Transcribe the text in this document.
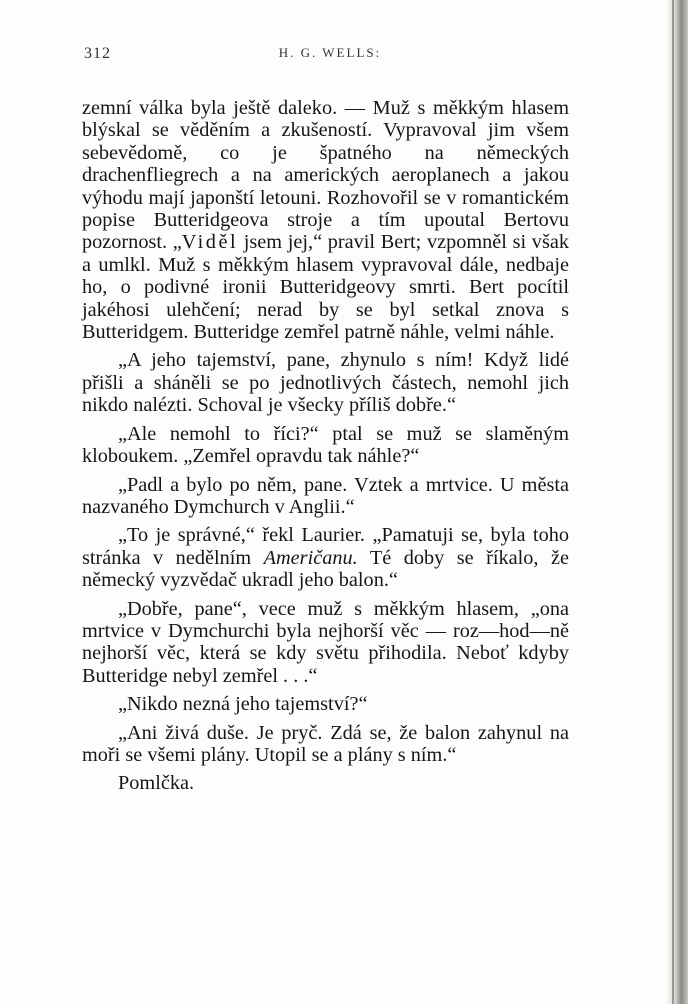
312	H. G. WELLS:

zemní válka byla ještě daleko. — Muž s měkkým hlasem blýskal se věděním a zkušeností. Vypravoval jim všem sebevědomě, co je špatného na německých drachenfliegrech a na amerických aeroplanech a jakou výhodu mají japonští letouni. Rozhovořil se v romantickém popise Butteridgeova stroje a tím upoutal Bertovu pozornost. „Viděl jsem jej,“ pravil Bert; vzpomněl si však a umlkl. Muž s měkkým hlasem vypravoval dále, nedbaje ho, o podivné ironii Butteridgeovy smrti. Bert pocítil jakéhosi ulehčení; nerad by se byl setkal znova s Butteridgem. Butteridge zemřel patrně náhle, velmi náhle.

„A jeho tajemství, pane, zhynulo s ním! Když lidé přišli a sháněli se po jednotlivých částech, nemohl jich nikdo nalézti. Schoval je všecky příliš dobře.“

„Ale nemohl to říci?“ ptal se muž se slaměným kloboukem. „Zemřel opravdu tak náhle?“

„Padl a bylo po něm, pane. Vztek a mrtvice. U města nazvaného Dymchurch v Anglii.“

„To je správné,“ řekl Laurier. „Pamatuji se, byla toho stránka v nedělním Američanu. Té doby se říkalo, že německý vyzvědač ukradl jeho balon.“

„Dobře, pane“, vece muž s měkkým hlasem, „ona mrtvice v Dymchurchi byla nejhorší věc — roz—hod—ně nejhorší věc, která se kdy světu přihodila. Neboť kdyby Butteridge nebyl zemřel . . .“

„Nikdo nezná jeho tajemství?“

„Ani živá duše. Je pryč. Zdá se, že balon zahynul na moři se všemi plány. Utopil se a plány s ním.“

Pomlčka.
